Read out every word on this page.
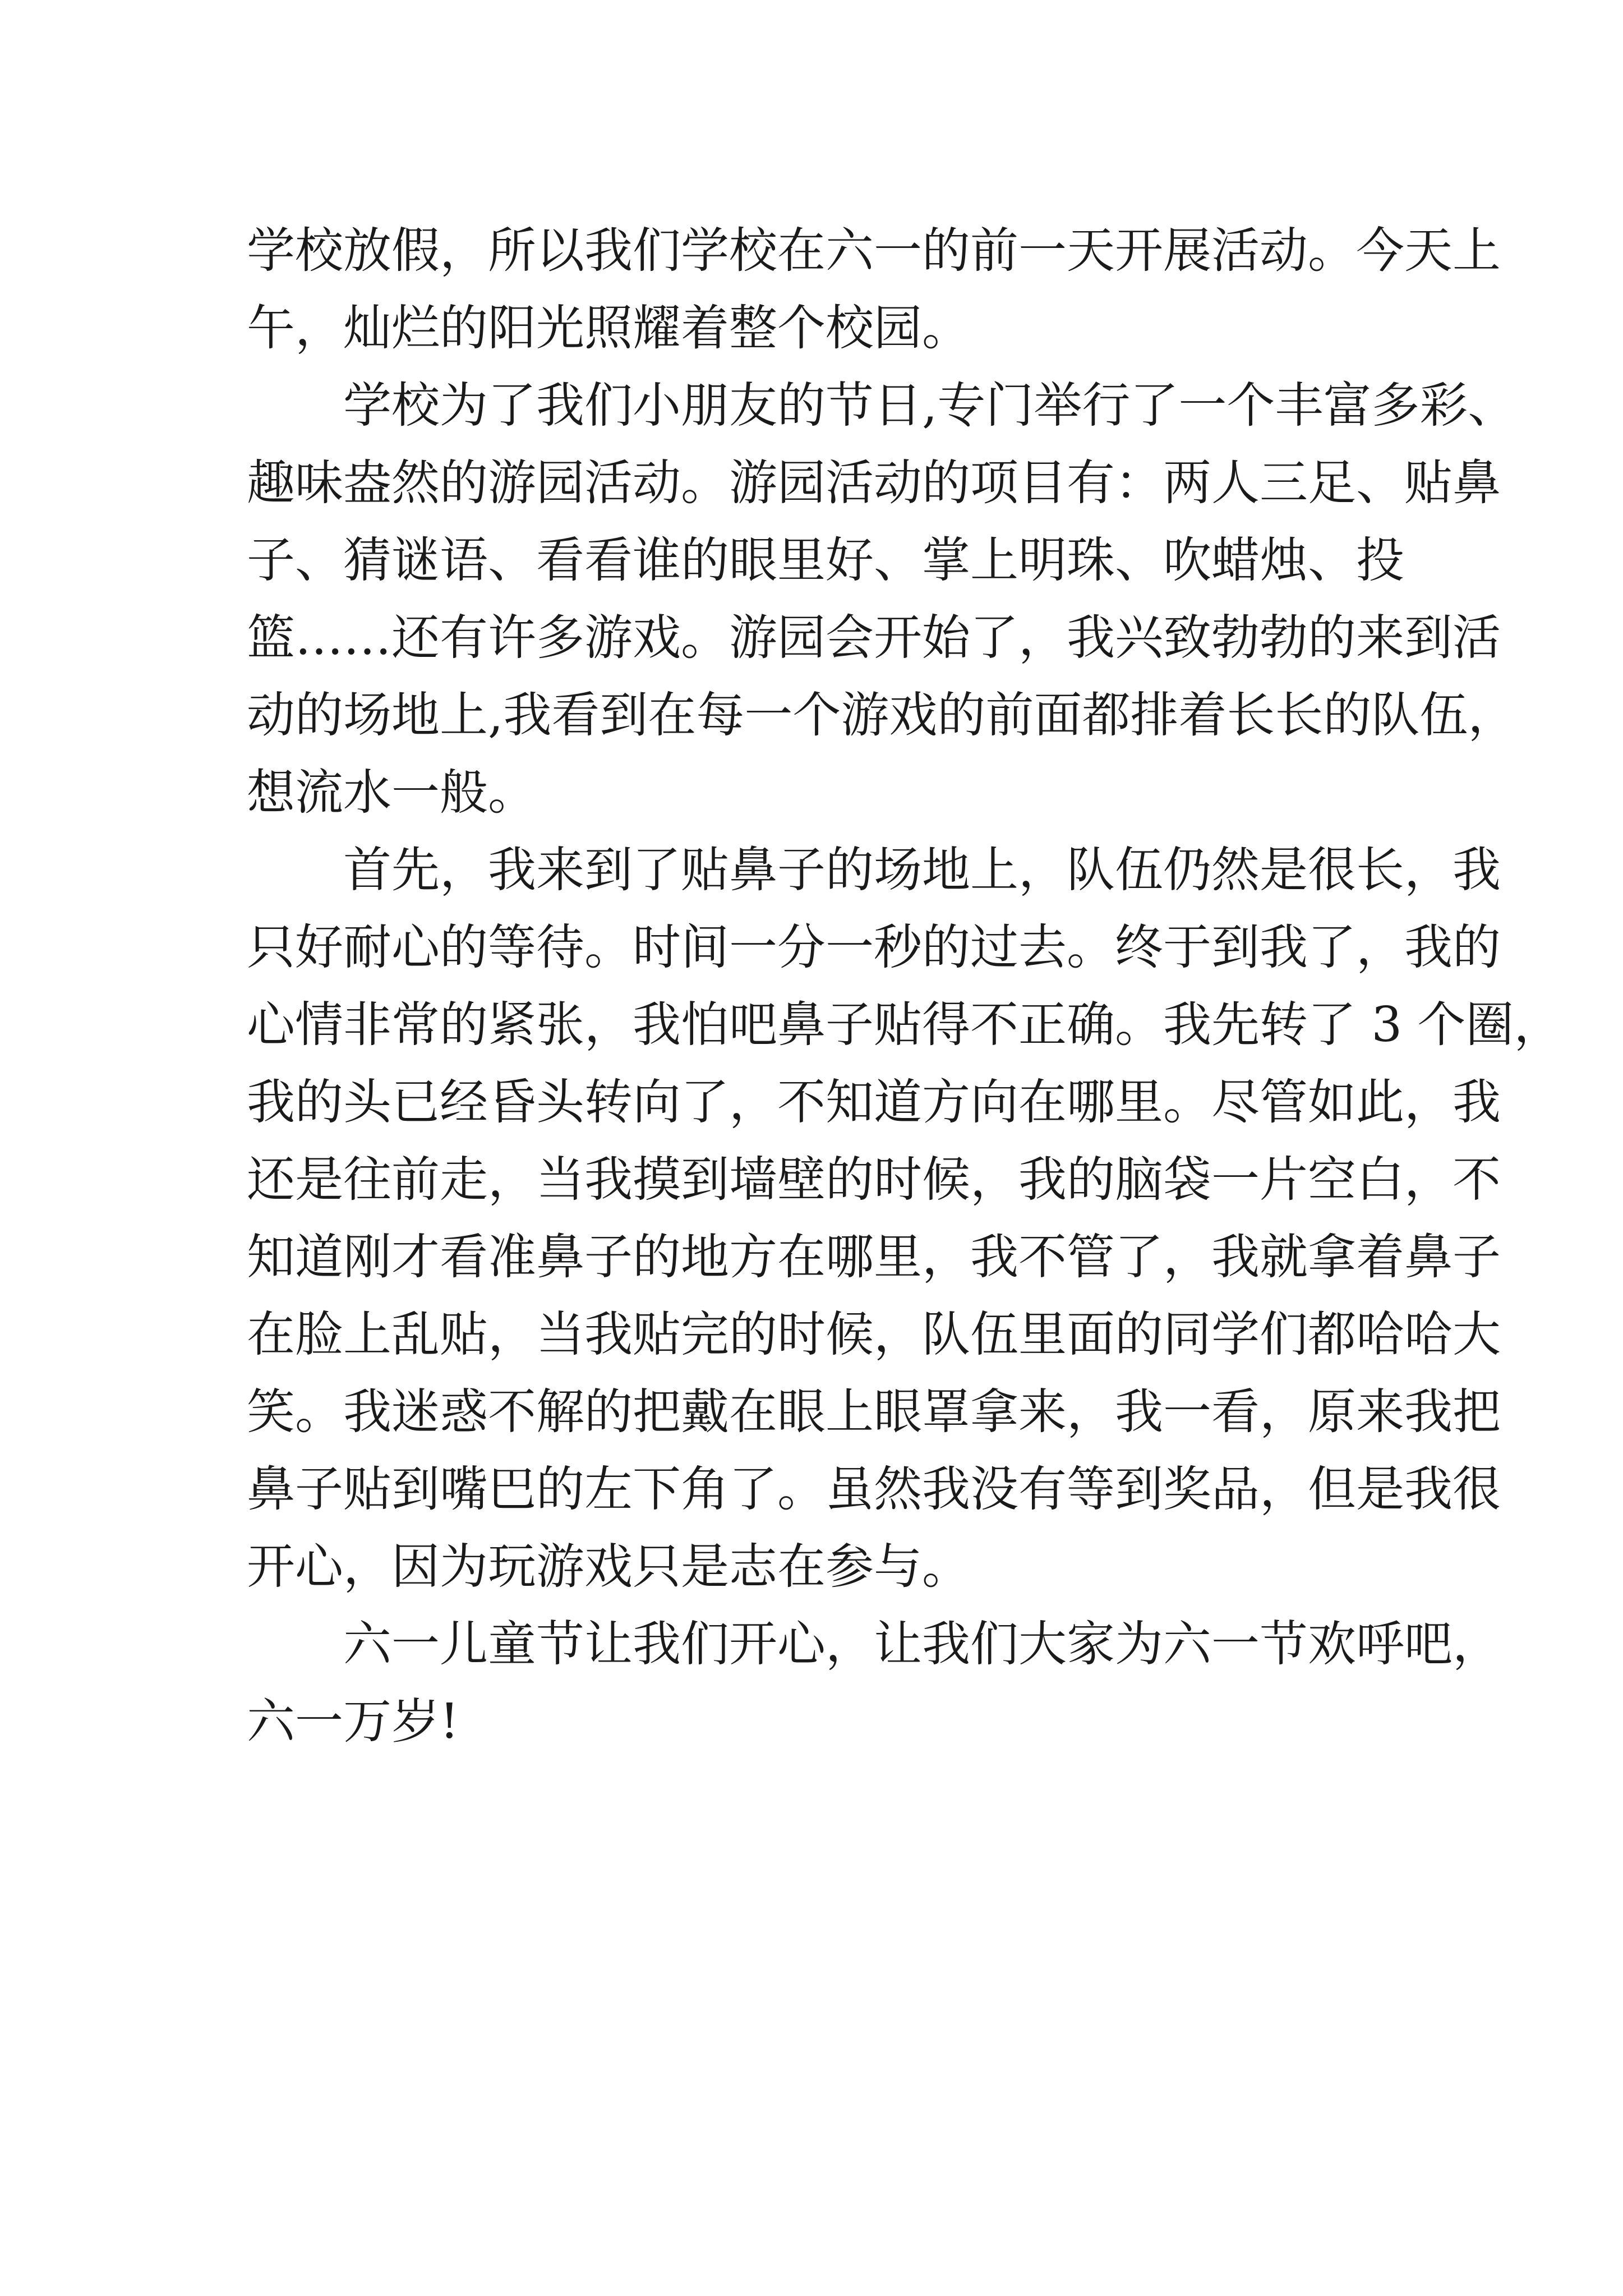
学校放假，所以我们学校在六一的前一天开展活动。今天上
午，灿烂的阳光照耀着整个校园。
学校为了我们小朋友的节日,专门举行了一个丰富多彩、
趣味盎然的游园活动。游园活动的项目有：两人三足、贴鼻
子、猜谜语、看看谁的眼里好、掌上明珠、吹蜡烛、投
篮……还有许多游戏。游园会开始了，我兴致勃勃的来到活
动的场地上,我看到在每一个游戏的前面都排着长长的队伍，
想流水一般。
首先，我来到了贴鼻子的场地上，队伍仍然是很长，我
只好耐心的等待。时间一分一秒的过去。终于到我了，我的
心情非常的紧张，我怕吧鼻子贴得不正确。我先转了 3 个圈，
我的头已经昏头转向了，不知道方向在哪里。尽管如此，我
还是往前走，当我摸到墙壁的时候，我的脑袋一片空白，不
知道刚才看准鼻子的地方在哪里，我不管了，我就拿着鼻子
在脸上乱贴，当我贴完的时候，队伍里面的同学们都哈哈大
笑。我迷惑不解的把戴在眼上眼罩拿来，我一看，原来我把
鼻子贴到嘴巴的左下角了。虽然我没有等到奖品，但是我很
开心，因为玩游戏只是志在参与。
六一儿童节让我们开心，让我们大家为六一节欢呼吧，
六一万岁!
